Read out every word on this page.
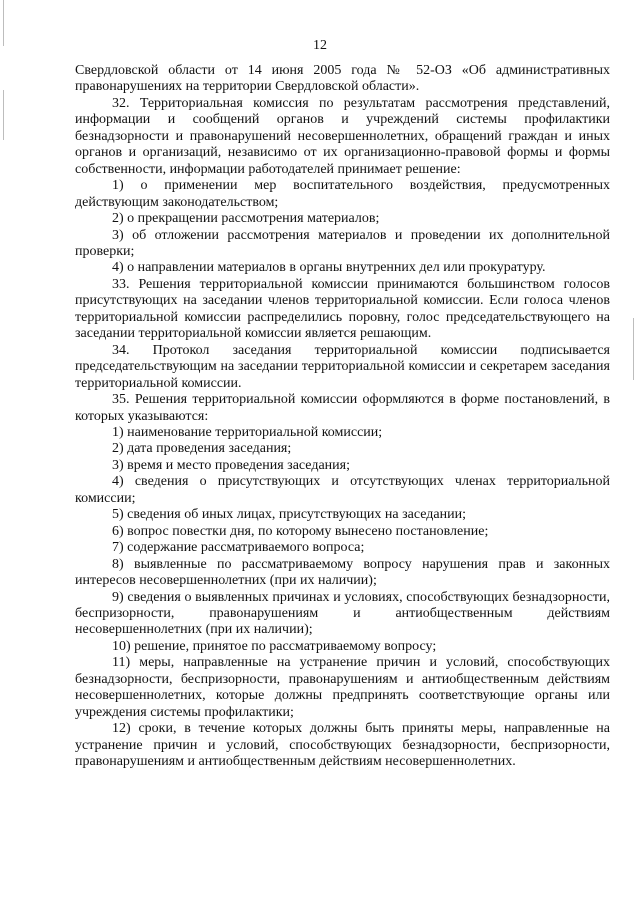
12

Свердловской области от 14 июня 2005 года № 52-ОЗ «Об административных правонарушениях на территории Свердловской области».

32. Территориальная комиссия по результатам рассмотрения представлений, информации и сообщений органов и учреждений системы профилактики безнадзорности и правонарушений несовершеннолетних, обращений граждан и иных органов и организаций, независимо от их организационно-правовой формы и формы собственности, информации работодателей принимает решение:

1) о применении мер воспитательного воздействия, предусмотренных действующим законодательством;

2) о прекращении рассмотрения материалов;

3) об отложении рассмотрения материалов и проведении их дополнительной проверки;

4) о направлении материалов в органы внутренних дел или прокуратуру.

33. Решения территориальной комиссии принимаются большинством голосов присутствующих на заседании членов территориальной комиссии. Если голоса членов территориальной комиссии распределились поровну, голос председательствующего на заседании территориальной комиссии является решающим.

34. Протокол заседания территориальной комиссии подписывается председательствующим на заседании территориальной комиссии и секретарем заседания территориальной комиссии.

35. Решения территориальной комиссии оформляются в форме постановлений, в которых указываются:

1) наименование территориальной комиссии;

2) дата проведения заседания;

3) время и место проведения заседания;

4) сведения о присутствующих и отсутствующих членах территориальной комиссии;

5) сведения об иных лицах, присутствующих на заседании;

6) вопрос повестки дня, по которому вынесено постановление;

7) содержание рассматриваемого вопроса;

8) выявленные по рассматриваемому вопросу нарушения прав и законных интересов несовершеннолетних (при их наличии);

9) сведения о выявленных причинах и условиях, способствующих безнадзорности, беспризорности, правонарушениям и антиобщественным действиям несовершеннолетних (при их наличии);

10) решение, принятое по рассматриваемому вопросу;

11) меры, направленные на устранение причин и условий, способствующих безнадзорности, беспризорности, правонарушениям и антиобщественным действиям несовершеннолетних, которые должны предпринять соответствующие органы или учреждения системы профилактики;

12) сроки, в течение которых должны быть приняты меры, направленные на устранение причин и условий, способствующих безнадзорности, беспризорности, правонарушениям и антиобщественным действиям несовершеннолетних.
